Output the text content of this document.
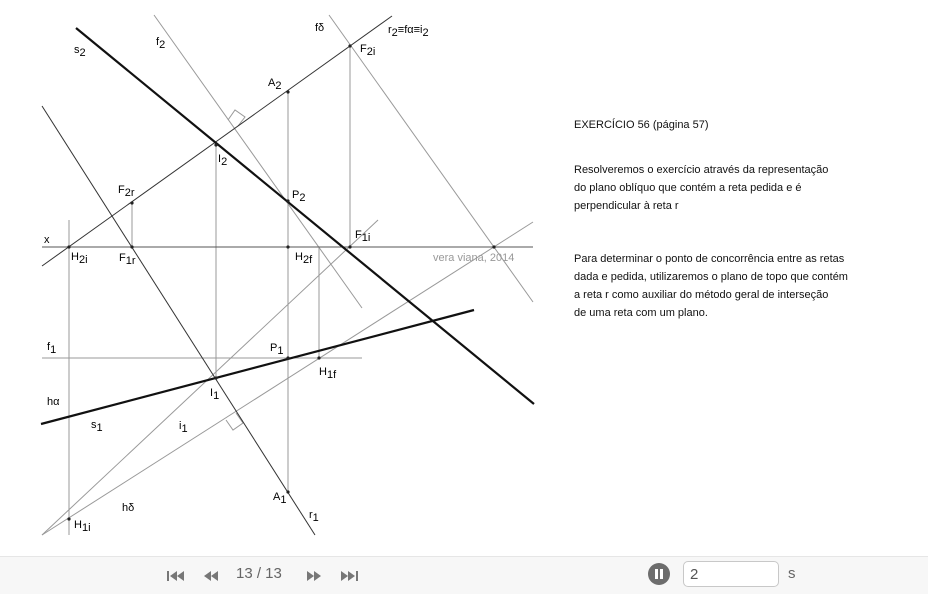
s2
f2
fδ	r2≡fα≡i2
F2i
A2
I2
P2
F2r
x	F1i
H2i	F1r	H2f	vera viana, 2014
f1	P1
H1f
hα
I1
s1	i1
hδ
A1
r1
H1i
EXERCÍCIO 56 (página 57)
Resolveremos o exercício através da representação
do plano oblíquo que contém a reta pedida e é
perpendicular à reta r
Para determinar o ponto de concorrência entre as retas
dada e pedida, utilizaremos o plano de topo que contém
a reta r como auxiliar do método geral de interseção
de uma reta com um plano.
13 / 13
2	s
